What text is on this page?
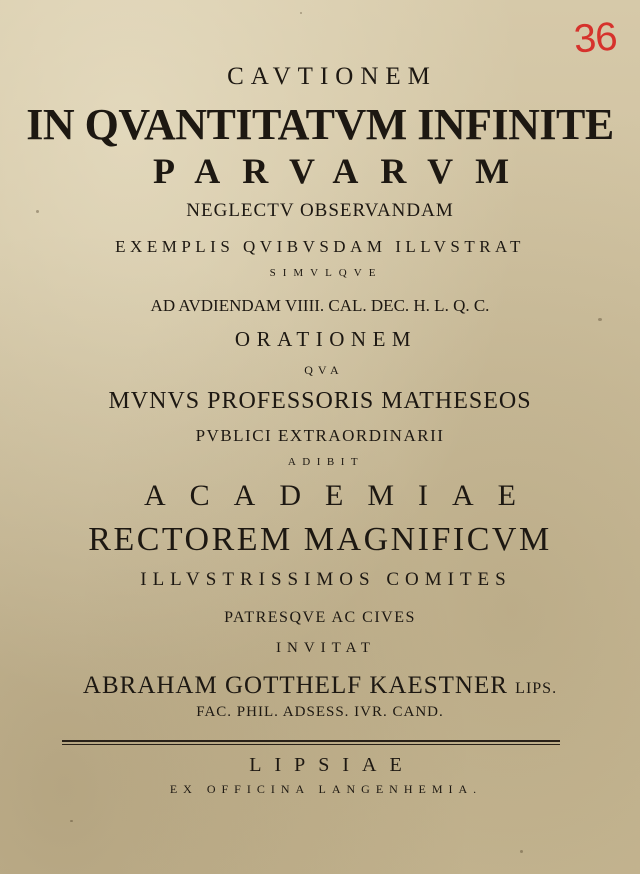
36
CAVTIONEM
IN QVANTITATVM INFINITE
PARVARVM
NEGLECTV OBSERVANDAM
EXEMPLIS QVIBVSDAM ILLVSTRAT
SIMVLQVE
AD AVDIENDAM VIIII. CAL. DEC. H. L. Q. C.
ORATIONEM
QVA
MVNVS PROFESSORIS MATHESEOS
PVBLICI EXTRAORDINARII
ADIBIT
ACADEMIAE
RECTOREM MAGNIFICVM
ILLVSTRISSIMOS COMITES
PATRESQVE AC CIVES
INVITAT
ABRAHAM GOTTHELF KAESTNER LIPS.
FAC. PHIL. ADSESS. IVR. CAND.
LIPSIAE
EX OFFICINA LANGENHEMIA.
